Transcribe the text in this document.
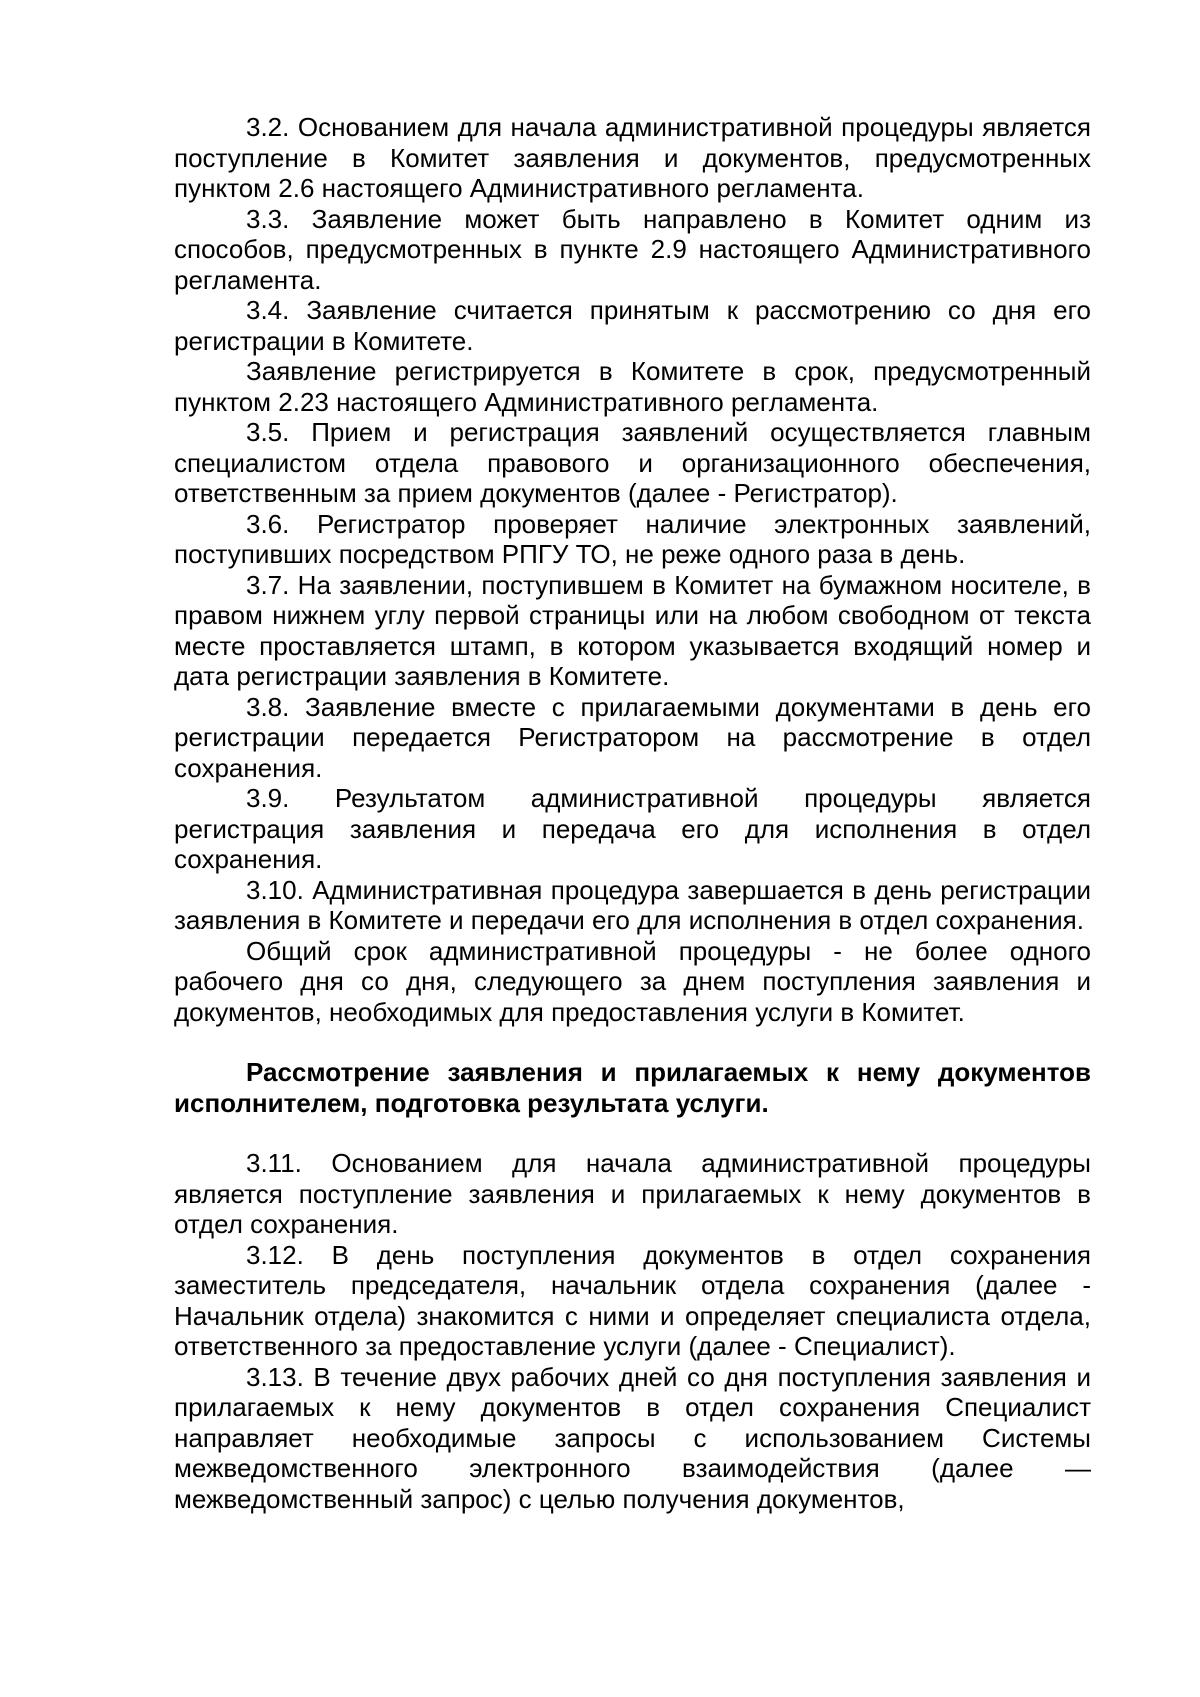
3.2. Основанием для начала административной процедуры является поступление в Комитет заявления и документов, предусмотренных пунктом 2.6 настоящего Административного регламента.

3.3. Заявление может быть направлено в Комитет одним из способов, предусмотренных в пункте 2.9 настоящего Административного регламента.

3.4. Заявление считается принятым к рассмотрению со дня его регистрации в Комитете.

Заявление регистрируется в Комитете в срок, предусмотренный пунктом 2.23 настоящего Административного регламента.

3.5. Прием и регистрация заявлений осуществляется главным специалистом отдела правового и организационного обеспечения, ответственным за прием документов (далее - Регистратор).

3.6. Регистратор проверяет наличие электронных заявлений, поступивших посредством РПГУ ТО, не реже одного раза в день.

3.7. На заявлении, поступившем в Комитет на бумажном носителе, в правом нижнем углу первой страницы или на любом свободном от текста месте проставляется штамп, в котором указывается входящий номер и дата регистрации заявления в Комитете.

3.8. Заявление вместе с прилагаемыми документами в день его регистрации передается Регистратором на рассмотрение в отдел сохранения.

3.9. Результатом административной процедуры является регистрация заявления и передача его для исполнения в отдел сохранения.

3.10. Административная процедура завершается в день регистрации заявления в Комитете и передачи его для исполнения в отдел сохранения.

Общий срок административной процедуры - не более одного рабочего дня со дня, следующего за днем поступления заявления и документов, необходимых для предоставления услуги в Комитет.

Рассмотрение заявления и прилагаемых к нему документов исполнителем, подготовка результата услуги.

3.11. Основанием для начала административной процедуры является поступление заявления и прилагаемых к нему документов в отдел сохранения.

3.12. В день поступления документов в отдел сохранения заместитель председателя, начальник отдела сохранения (далее - Начальник отдела) знакомится с ними и определяет специалиста отдела, ответственного за предоставление услуги (далее - Специалист).

3.13. В течение двух рабочих дней со дня поступления заявления и прилагаемых к нему документов в отдел сохранения Специалист направляет необходимые запросы с использованием Системы межведомственного электронного взаимодействия (далее — межведомственный запрос) с целью получения документов,
